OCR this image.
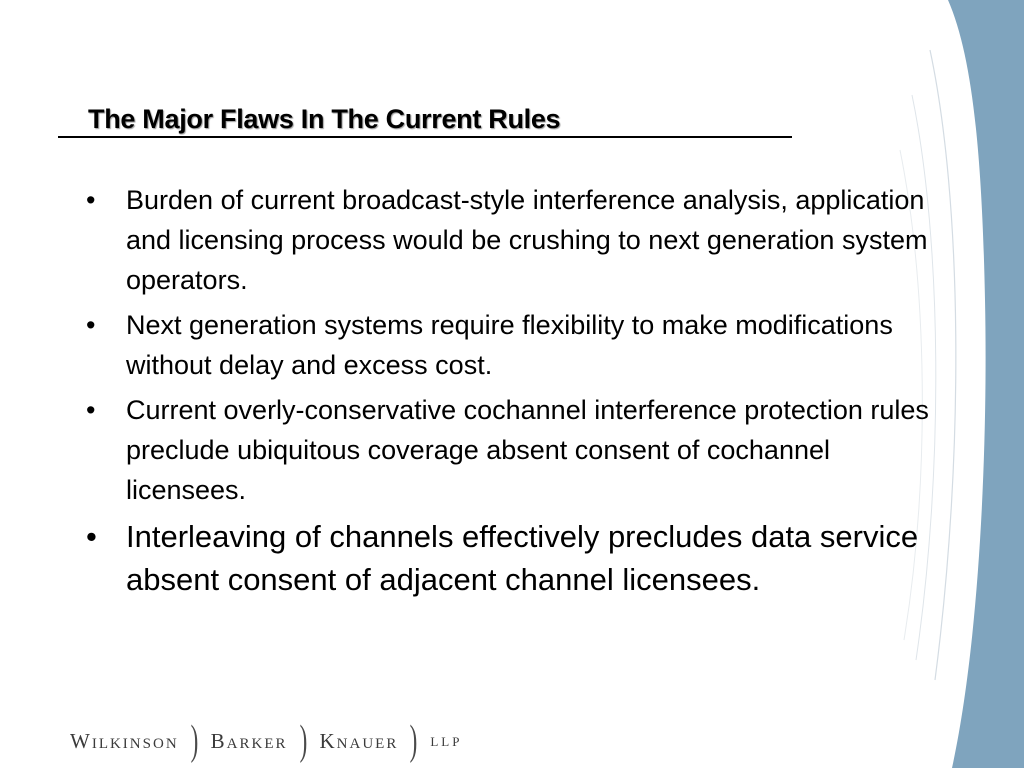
The Major Flaws In The Current Rules
• Burden of current broadcast-style interference analysis, application and licensing process would be crushing to next generation system operators.
• Next generation systems require flexibility to make modifications without delay and excess cost.
• Current overly-conservative cochannel interference protection rules preclude ubiquitous coverage absent consent of cochannel licensees.
• Interleaving of channels effectively precludes data service absent consent of adjacent channel licensees.
Wilkinson ) Barker ) Knauer ) llp
